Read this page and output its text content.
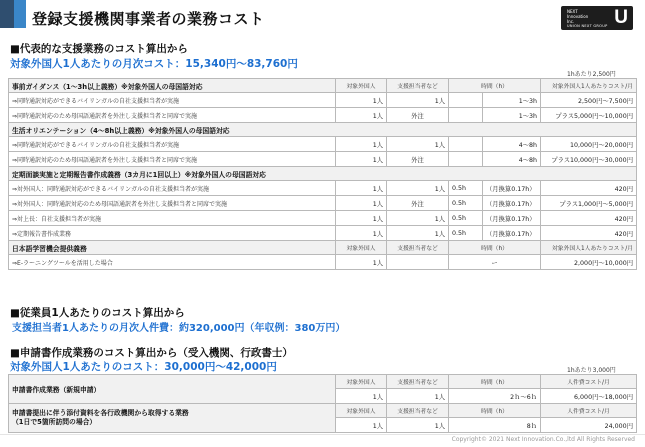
登録支援機関事業者の業務コスト	NEXT
Innovation
Inc.	U
UNION NEXT GROUP
■代表的な支援業務のコスト算出から
対象外国人1人あたりの月次コスト：15,340円〜83,760円
1hあたり2,500円
事前ガイダンス（1〜3h以上義務）※対象外国人の母国語対応	対象外国人	支援担当者など	時間（h）		対象外国人1人あたりコスト/月
⇒同時通訳対応ができるバイリンガルの自社支援担当者が実施	1人	1人		1〜3h	2,500円〜7,500円
⇒同時通訳対応のため母国語通訳者を外注し支援担当者と同席で実施	1人	外注		1〜3h	プラス5,000円〜10,000円
生活オリエンテーション（4〜8h以上義務）※対象外国人の母国語対応					
⇒同時通訳対応ができるバイリンガルの自社支援担当者が実施	1人	1人		4〜8h	10,000円〜20,000円
⇒同時通訳対応のため母国語通訳者を外注し支援担当者と同席で実施	1人	外注		4〜8h	プラス10,000円〜30,000円
定期面談実施と定期報告書作成義務（3カ月に1回以上）※対象外国人の母国語対応					
⇒対外国人：同時通訳対応ができるバイリンガルの自社支援担当者が実施	1人	1人	0.5h	（月換算0.17h）	420円
⇒対外国人：同時通訳対応のため母国語通訳者を外注し支援担当者と同席で実施	1人	外注	0.5h	（月換算0.17h）	プラス1,000円〜5,000円
⇒対上長：自社支援担当者が実施	1人	1人	0.5h	（月換算0.17h）	420円
⇒定期報告書作成業務	1人	1人	0.5h	（月換算0.17h）	420円
日本語学習機会提供義務	対象外国人	支援担当者など	時間（h）		対象外国人1人あたりコスト/月
⇒E-ラーニングツールを活用した場合	1人		ー		2,000円〜10,000円
■従業員1人あたりのコスト算出から
支援担当者1人あたりの月次人件費：約320,000円（年収例：380万円）
■申請書作成業務のコスト算出から（受入機関、行政書士）
対象外国人1人あたりのコスト：30,000円〜42,000円	1hあたり3,000円
申請書作成業務（新規申請）	対象外国人	支援担当者など	時間（h）	人件費コスト/月
	1人	1人	2ｈ〜6ｈ	6,000円〜18,000円
申請書提出に伴う添付資料を各行政機関から取得する業務
（1日で5箇所訪問の場合）	対象外国人	支援担当者など	時間（h）	人件費コスト/月
	1人	1人	8ｈ	24,000円
Copyright© 2021 Next Innovation.Co.,ltd All Rights Reserved
